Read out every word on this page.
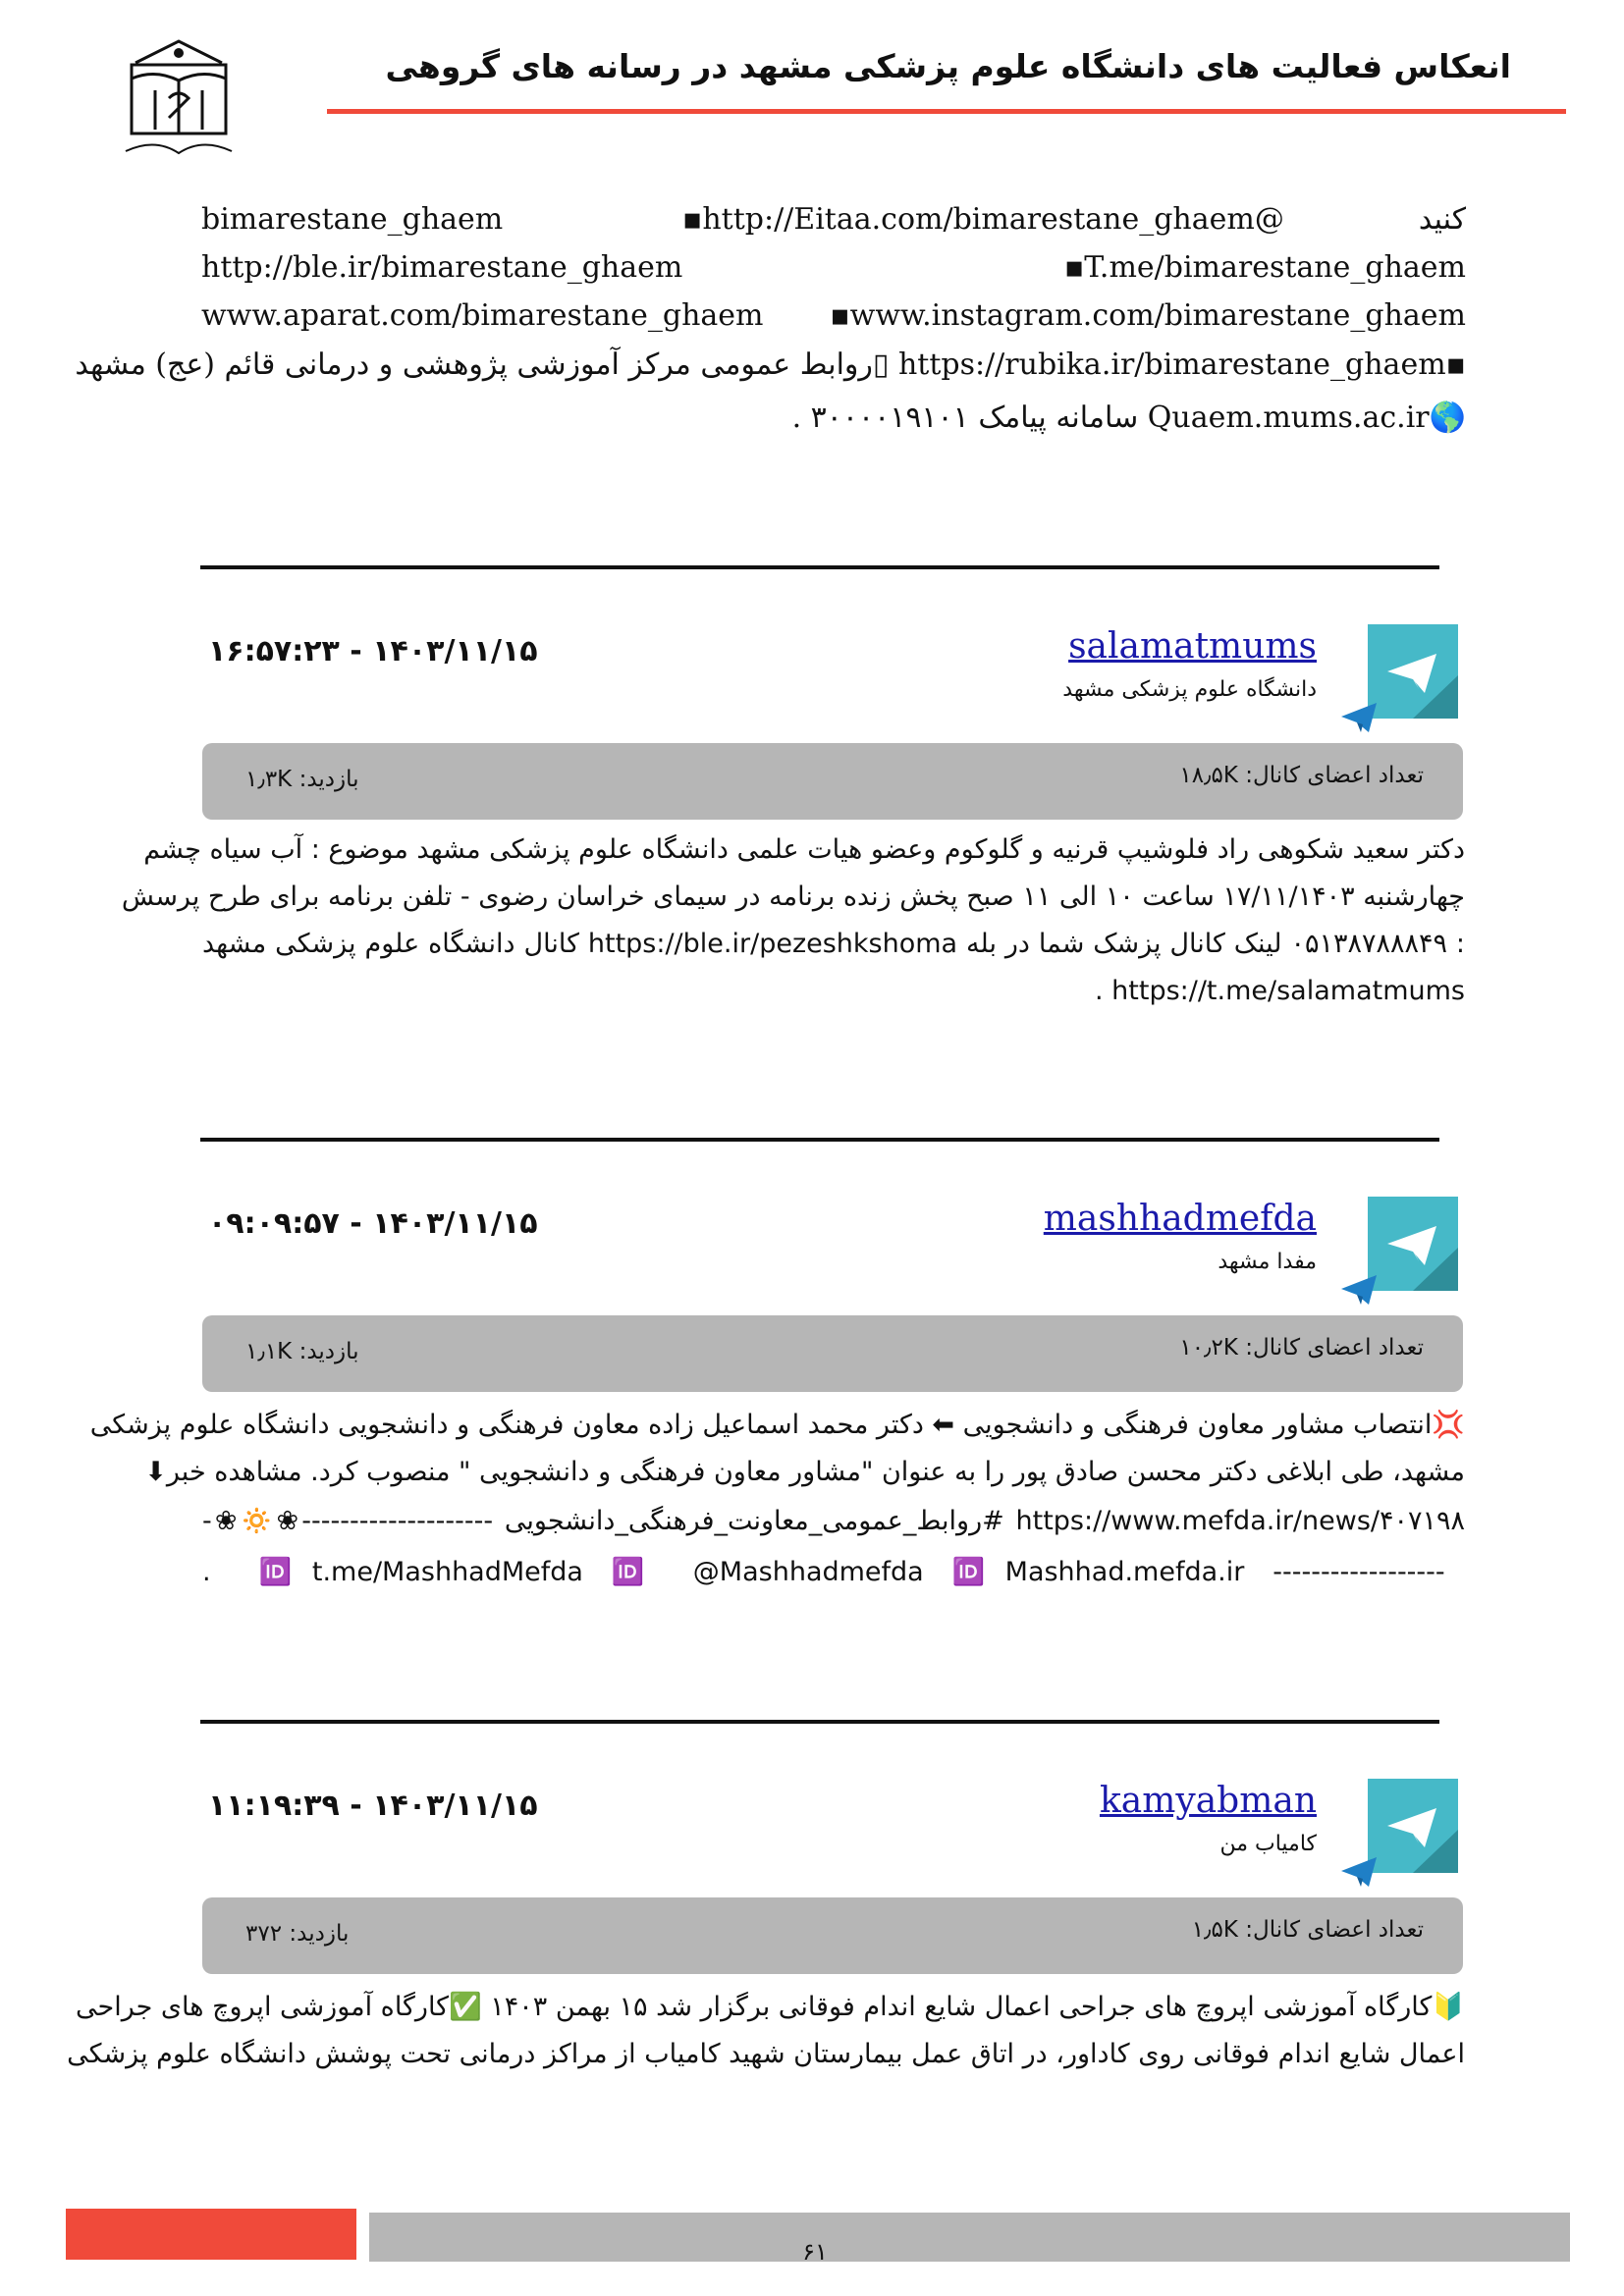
انعکاس فعالیت های دانشگاه علوم پزشکی مشهد در رسانه های گروهی
bimarestane_ghaem	▪http://Eitaa.com/bimarestane_ghaem@	کنید
http://ble.ir/bimarestane_ghaem	▪T.me/bimarestane_ghaem
www.aparat.com/bimarestane_ghaem ▪www.instagram.com/bimarestane_ghaem
▪https://rubika.ir/bimarestane_ghaem ▯روابط عمومی مرکز آموزشی پژوهشی و درمانی قائم (عج) مشهد
🌎Quaem.mums.ac.ir سامانه پیامک ۳۰۰۰۰۱۹۱۰۱ .
salamatmums
دانشگاه علوم پزشکی مشهد
۱۶:۵۷:۲۳ - ۱۴۰۳/۱۱/۱۵
تعداد اعضای کانال: ۱۸٫۵K
بازدید: ۱٫۳K
دکتر سعید شکوهی راد فلوشیپ قرنیه و گلوکوم وعضو هیات علمی دانشگاه علوم پزشکی مشهد موضوع : آب سیاه چشم
چهارشنبه ۱۷/۱۱/۱۴۰۳ ساعت ۱۰ الی ۱۱ صبح پخش زنده برنامه در سیمای خراسان رضوی - تلفن برنامه برای طرح پرسش
: ۰۵۱۳۸۷۸۸۸۴۹ لینک کانال پزشک شما در بله https://ble.ir/pezeshkshoma کانال دانشگاه علوم پزشکی مشهد
https://t.me/salamatmums .
mashhadmefda
مفدا مشهد
۰۹:۰۹:۵۷ - ۱۴۰۳/۱۱/۱۵
تعداد اعضای کانال: ۱۰٫۲K
بازدید: ۱٫۱K
💢انتصاب مشاور معاون فرهنگی و دانشجویی ⬅ دکتر محمد اسماعیل زاده معاون فرهنگی و دانشجویی دانشگاه علوم پزشکی
مشهد، طی ابلاغی دکتر محسن صادق پور را به عنوان "مشاور معاون فرهنگی و دانشجویی " منصوب کرد. مشاهده خبر⬇
https://www.mefda.ir/news/۴۰۷۱۹۸ #روابط_عمومی_معاونت_فرهنگی_دانشجویی --------------------❀🔅❀-
------------------ 🆔t.me/MashhadMefda 🆔 @Mashhadmefda 🆔Mashhad.mefda.ir .
kamyabman
کامیاب من
۱۱:۱۹:۳۹ - ۱۴۰۳/۱۱/۱۵
تعداد اعضای کانال: ۱٫۵K
بازدید: ۳۷۲
🔰کارگاه آموزشی اپروچ های جراحی اعمال شایع اندام فوقانی برگزار شد ۱۵ بهمن ۱۴۰۳ ✅کارگاه آموزشی اپروچ های جراحی
اعمال شایع اندام فوقانی روی کاداور، در اتاق عمل بیمارستان شهید کامیاب از مراکز درمانی تحت پوشش دانشگاه علوم پزشکی
۶۱
